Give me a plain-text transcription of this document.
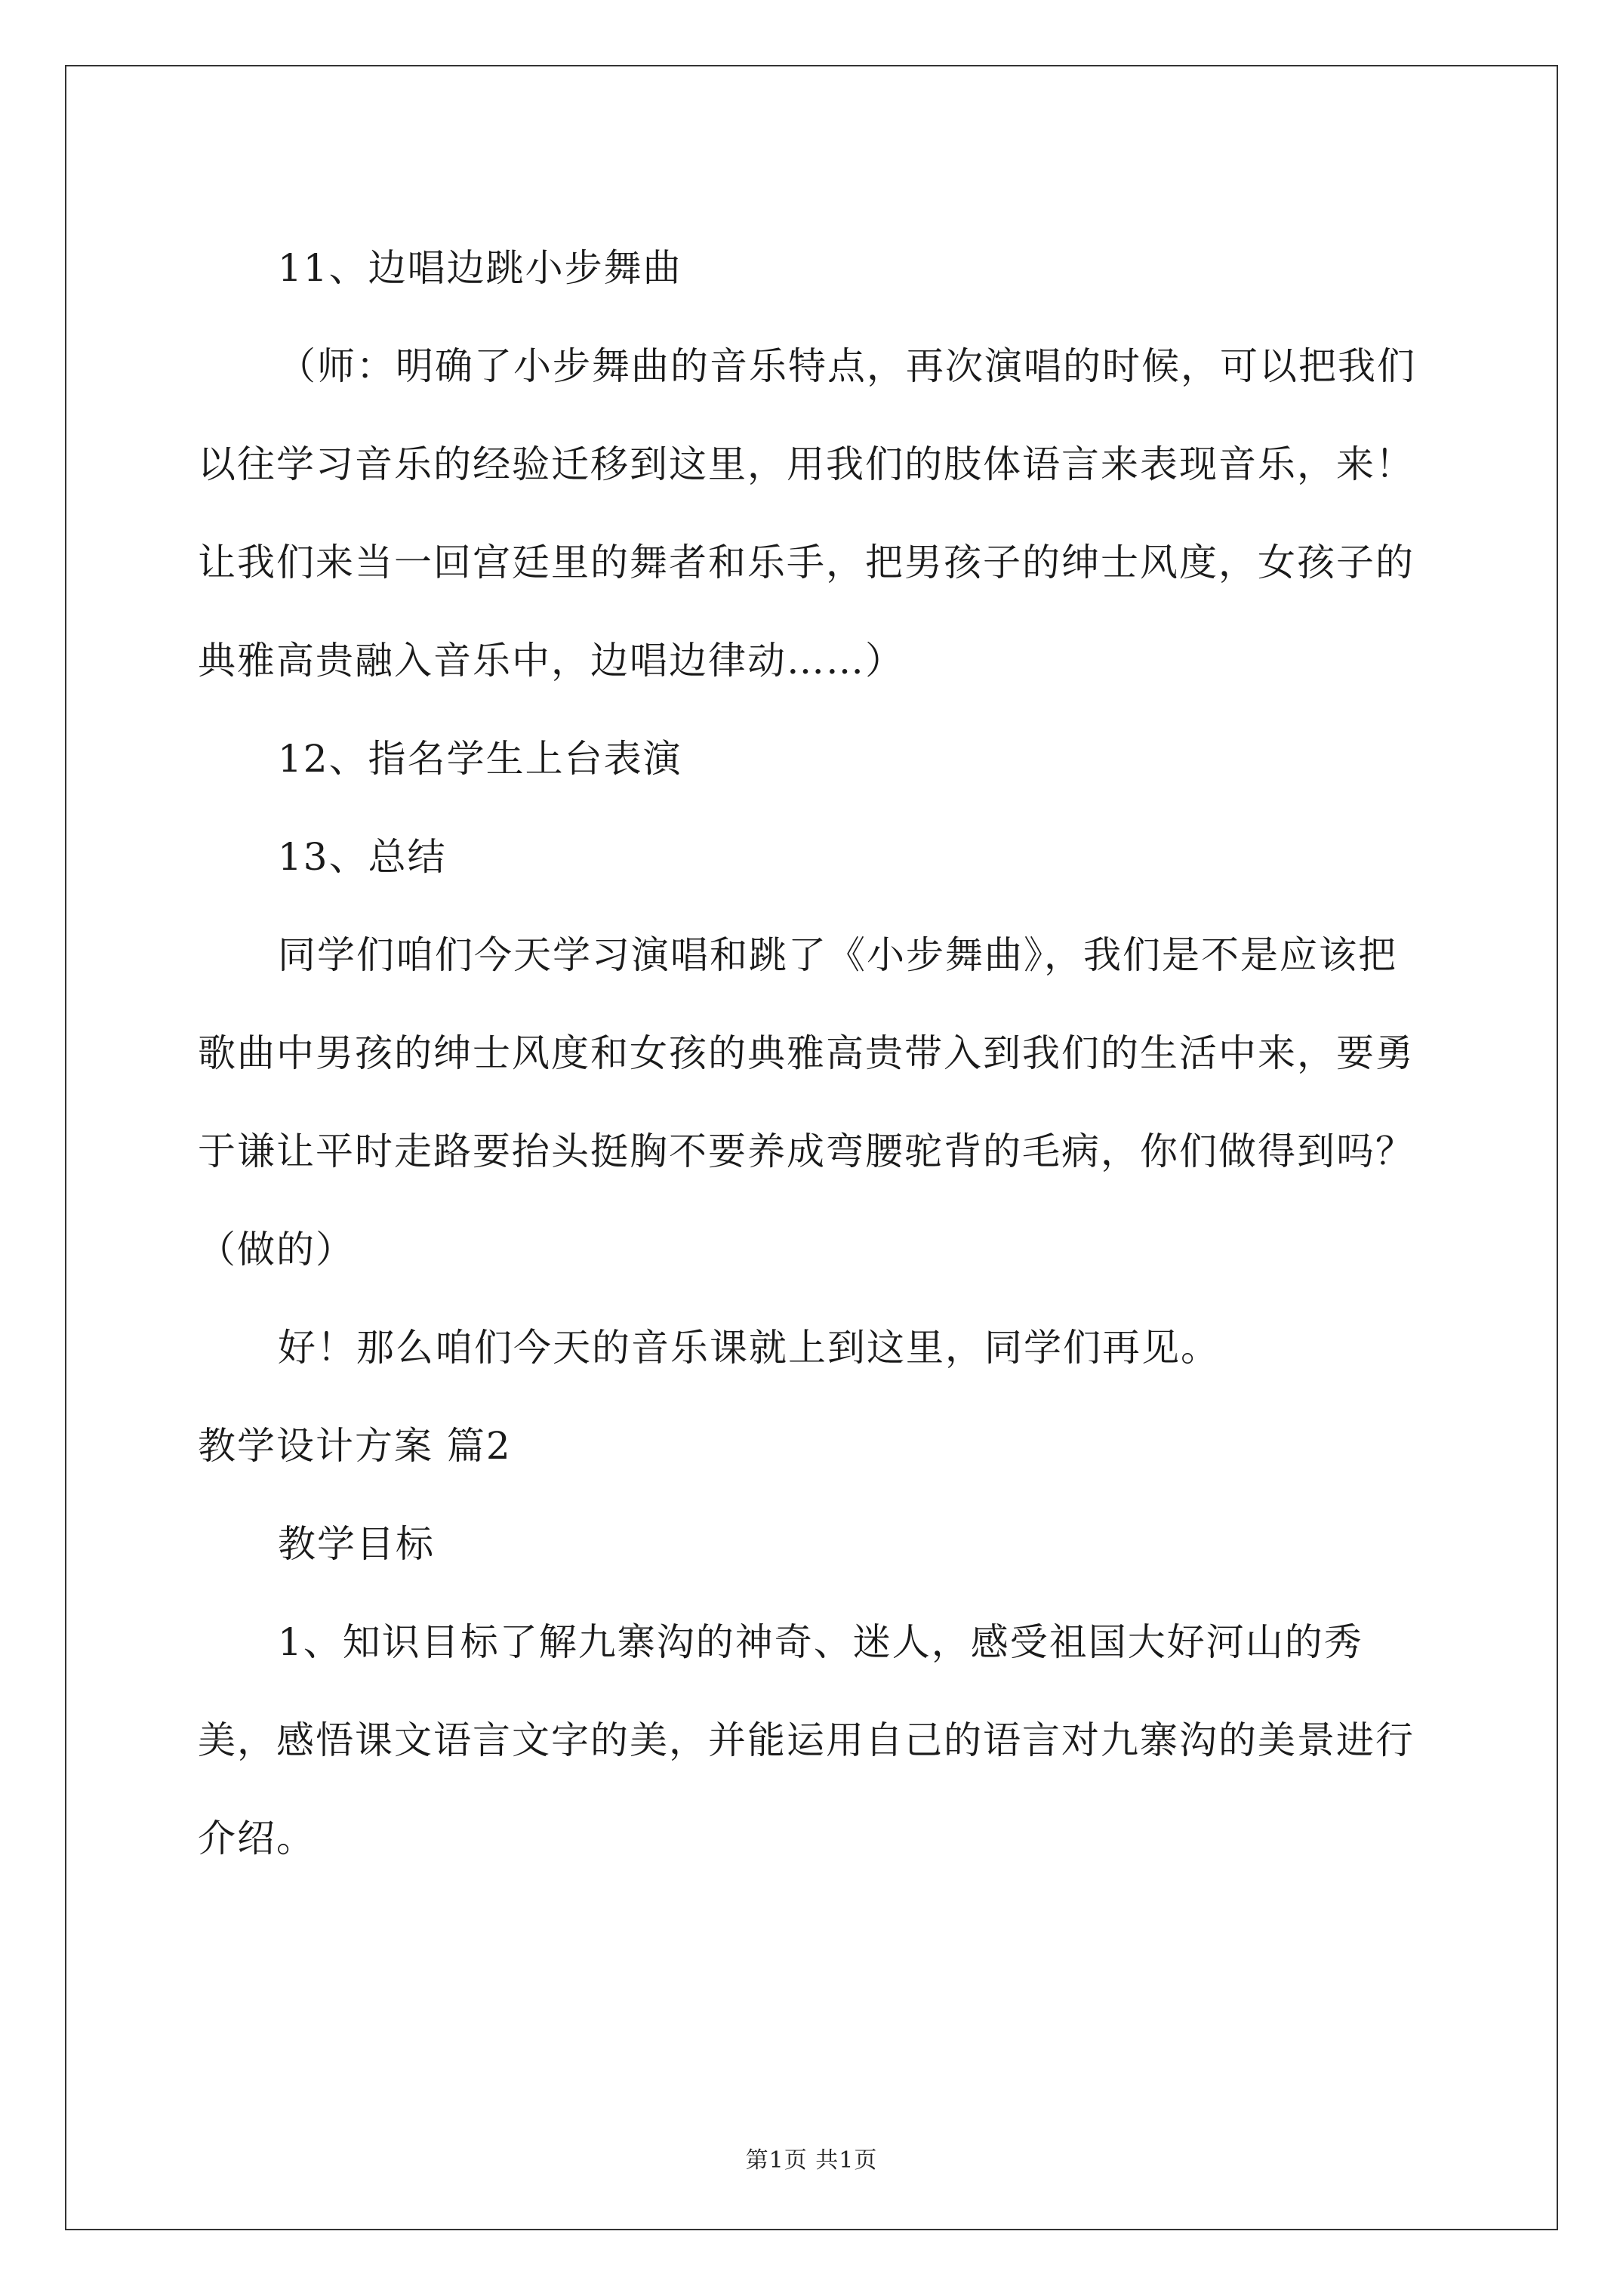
11、边唱边跳小步舞曲

（师：明确了小步舞曲的音乐特点，再次演唱的时候，可以把我们以往学习音乐的经验迁移到这里，用我们的肢体语言来表现音乐，来！让我们来当一回宫廷里的舞者和乐手，把男孩子的绅士风度，女孩子的典雅高贵融入音乐中，边唱边律动……）

12、指名学生上台表演

13、总结

同学们咱们今天学习演唱和跳了《小步舞曲》，我们是不是应该把歌曲中男孩的绅士风度和女孩的典雅高贵带入到我们的生活中来，要勇于谦让平时走路要抬头挺胸不要养成弯腰驼背的毛病，你们做得到吗？（做的）

好！那么咱们今天的音乐课就上到这里，同学们再见。

教学设计方案 篇2

教学目标

1、知识目标了解九寨沟的神奇、迷人，感受祖国大好河山的秀美，感悟课文语言文字的美，并能运用自己的语言对九寨沟的美景进行介绍。

第1页 共1页
